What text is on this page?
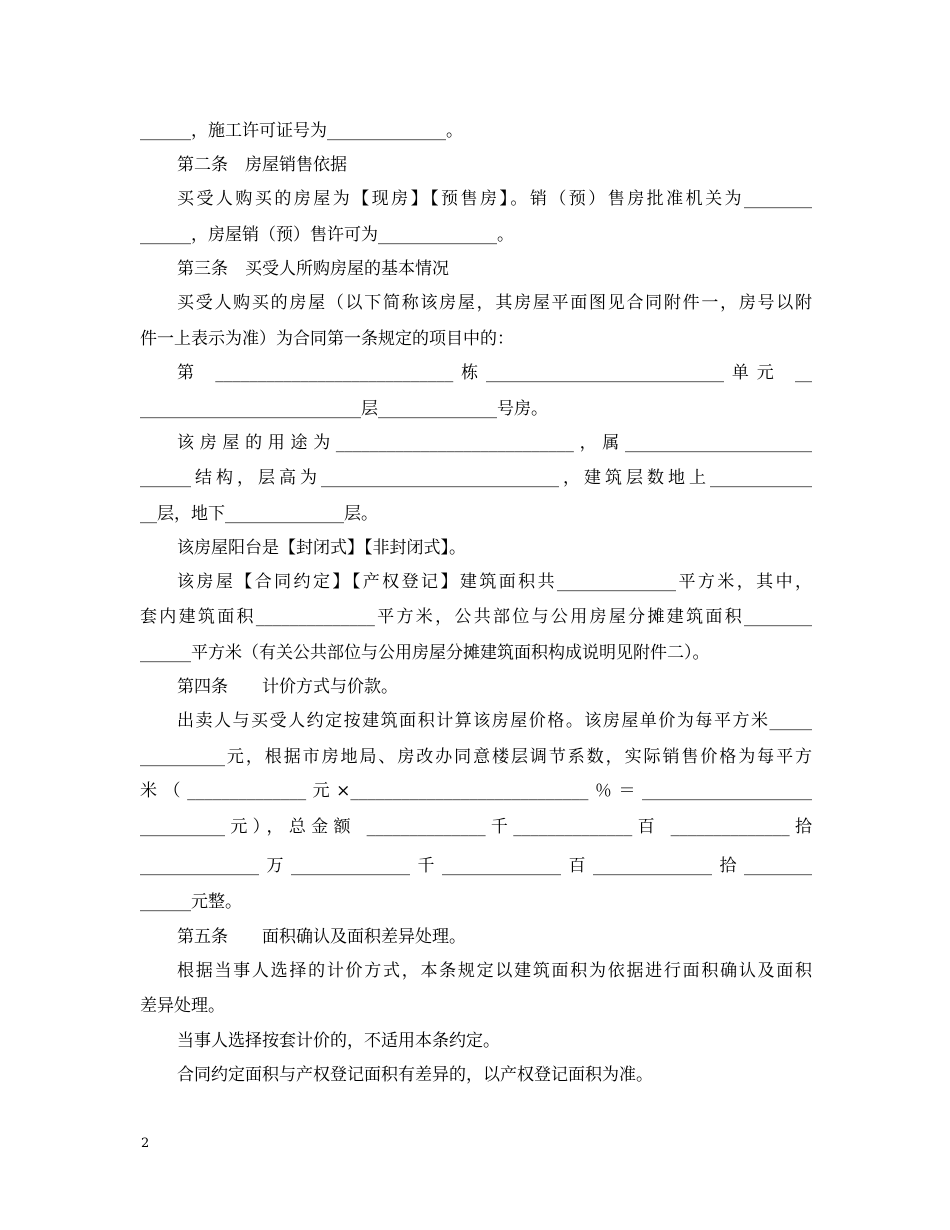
______，施工许可证号为______________。
第二条　房屋销售依据
买受人购买的房屋为【现房】【预售房】。销（预）售房批准机关为________
______，房屋销（预）售许可为______________。
第三条　买受人所购房屋的基本情况
买受人购买的房屋（以下简称该房屋，其房屋平面图见合同附件一，房号以附
件一上表示为准）为合同第一条规定的项目中的：
第 ____________________________栋____________________________单元 __
__________________________层______________号房。
该房屋的用途为____________________________，属______________________
______结构，层高为____________________________，建筑层数地上____________
__层，地下______________层。
该房屋阳台是【封闭式】【非封闭式】。
该房屋【合同约定】【产权登记】建筑面积共______________平方米，其中，
套内建筑面积______________平方米，公共部位与公用房屋分摊建筑面积________
______平方米（有关公共部位与公用房屋分摊建筑面积构成说明见附件二）。
第四条　　计价方式与价款。
出卖人与买受人约定按建筑面积计算该房屋价格。该房屋单价为每平方米_____
__________元，根据市房地局、房改办同意楼层调节系数，实际销售价格为每平方
米（______________元×____________________________％＝____________________
__________元），总金额 ______________千______________百 ______________拾
______________万______________千______________百______________拾________
______元整。
第五条　　面积确认及面积差异处理。
根据当事人选择的计价方式，本条规定以建筑面积为依据进行面积确认及面积
差异处理。
当事人选择按套计价的，不适用本条约定。
合同约定面积与产权登记面积有差异的，以产权登记面积为准。
2
